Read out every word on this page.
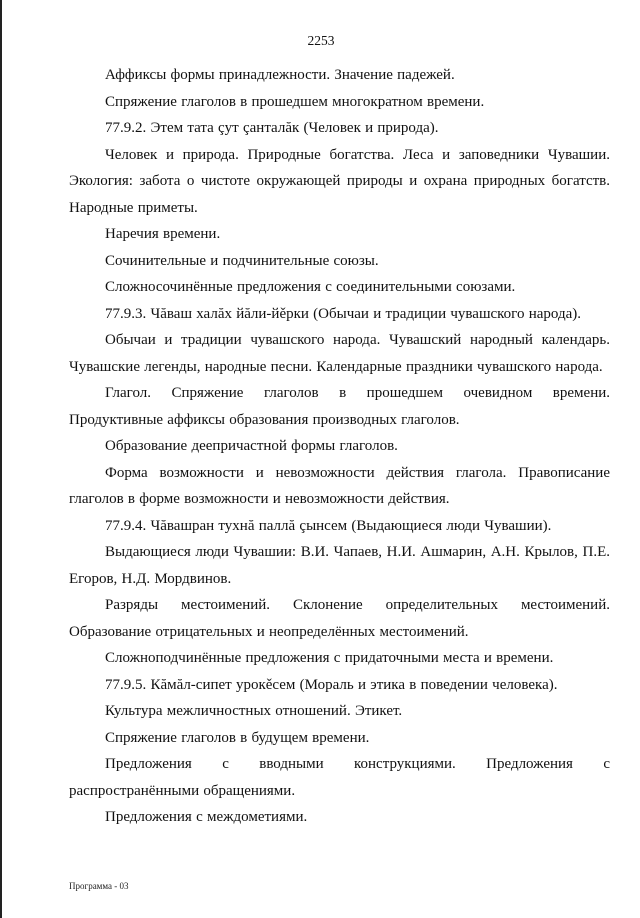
2253

Аффиксы формы принадлежности. Значение падежей.

Спряжение глаголов в прошедшем многократном времени.

77.9.2. Этем тата çут çанталăк (Человек и природа).

Человек и природа. Природные богатства. Леса и заповедники Чувашии. Экология: забота о чистоте окружающей природы и охрана природных богатств. Народные приметы.

Наречия времени.

Сочинительные и подчинительные союзы.

Сложносочинённые предложения с соединительными союзами.

77.9.3. Чăваш халăх йăли-йěрки (Обычаи и традиции чувашского народа).

Обычаи и традиции чувашского народа. Чувашский народный календарь. Чувашские легенды, народные песни. Календарные праздники чувашского народа.

Глагол. Спряжение глаголов в прошедшем очевидном времени. Продуктивные аффиксы образования производных глаголов.

Образование деепричастной формы глаголов.

Форма возможности и невозможности действия глагола. Правописание глаголов в форме возможности и невозможности действия.

77.9.4. Чăвашран тухнă паллă çынсем (Выдающиеся люди Чувашии).

Выдающиеся люди Чувашии: В.И. Чапаев, Н.И. Ашмарин, А.Н. Крылов, П.Е. Егоров, Н.Д. Мордвинов.

Разряды местоимений. Склонение определительных местоимений. Образование отрицательных и неопределённых местоимений.

Сложноподчинённые предложения с придаточными места и времени.

77.9.5. Кăмăл-сипет урокěсем (Мораль и этика в поведении человека).

Культура межличностных отношений. Этикет.

Спряжение глаголов в будущем времени.

Предложения с вводными конструкциями. Предложения с распространёнными обращениями.

Предложения с междометиями.

Программа - 03
